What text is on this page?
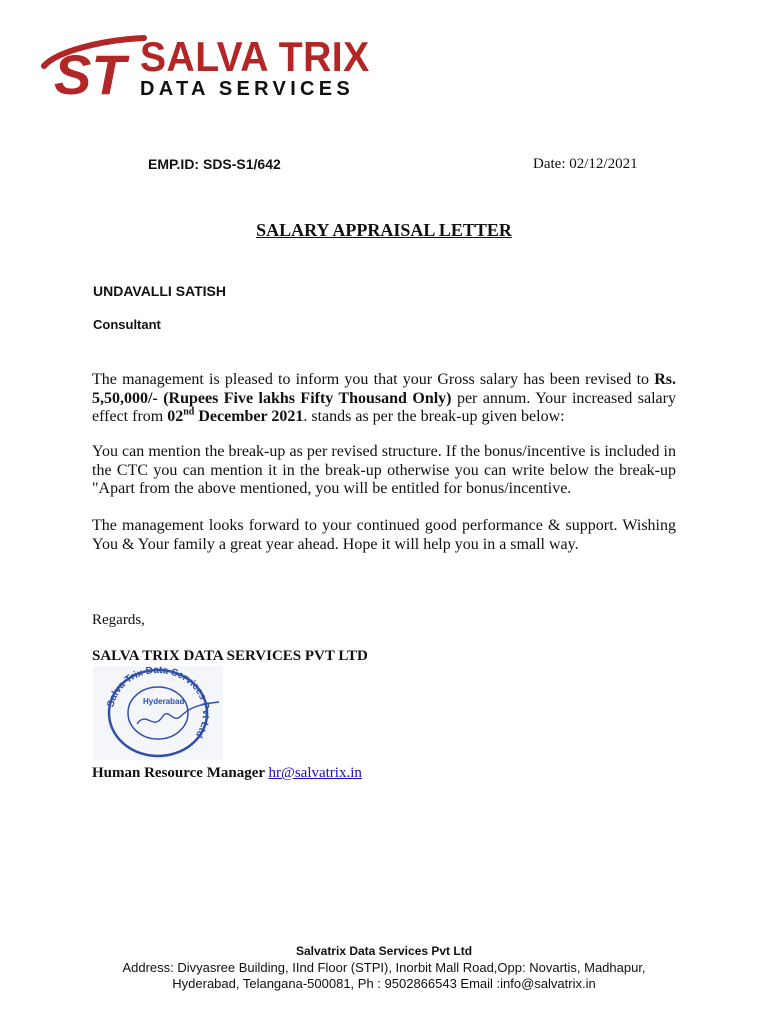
ST SALVA TRIX
DATA SERVICES
EMP.ID: SDS-S1/642	Date: 02/12/2021
SALARY APPRAISAL LETTER
UNDAVALLI SATISH
Consultant
The management is pleased to inform you that your Gross salary has been revised to Rs. 5,50,000/- (Rupees Five lakhs Fifty Thousand Only) per annum. Your increased salary effect from 02nd December 2021. stands as per the break-up given below:
You can mention the break-up as per revised structure. If the bonus/incentive is included in the CTC you can mention it in the break-up otherwise you can write below the break-up "Apart from the above mentioned, you will be entitled for bonus/incentive.
The management looks forward to your continued good performance & support. Wishing You & Your family a great year ahead. Hope it will help you in a small way.
Regards,
SALVA TRIX DATA SERVICES PVT LTD
Salva Trix Data Services Pvt Ltd
Hyderabad
Human Resource Manager hr@salvatrix.in
Salvatrix Data Services Pvt Ltd
Address: Divyasree Building, IInd Floor (STPI), Inorbit Mall Road,Opp: Novartis, Madhapur,
Hyderabad, Telangana-500081, Ph : 9502866543 Email :info@salvatrix.in
